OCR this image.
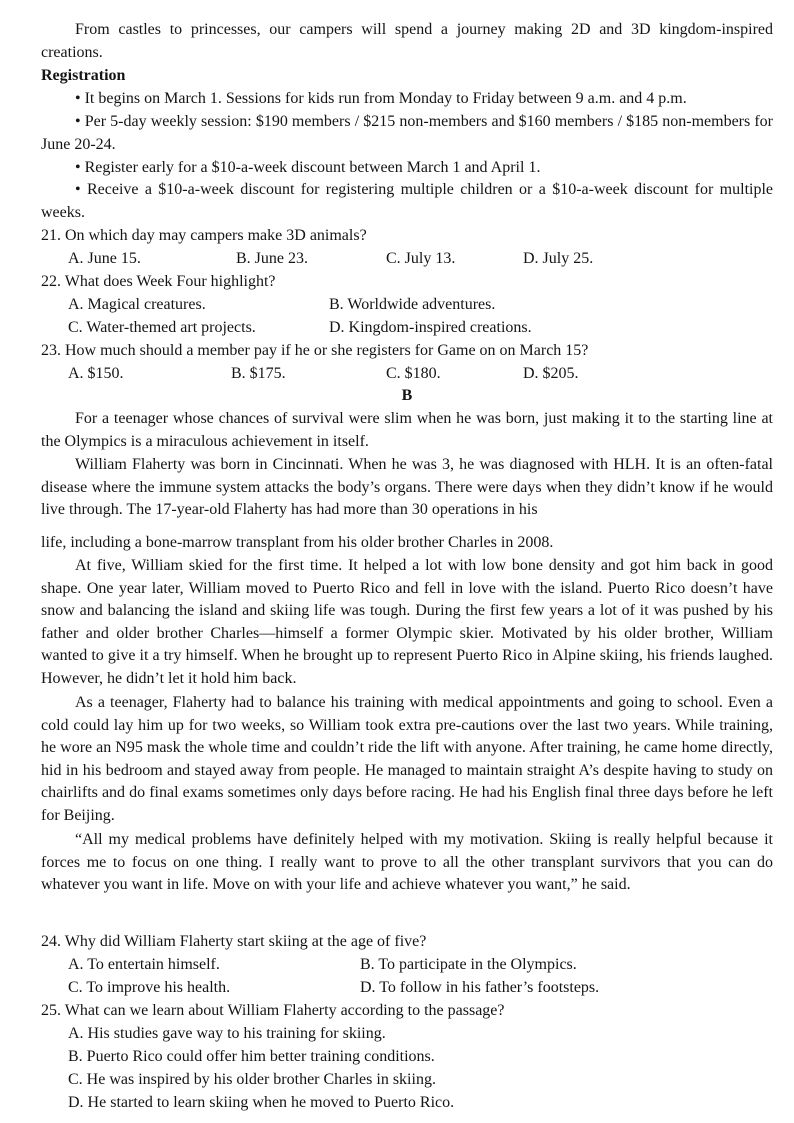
From castles to princesses, our campers will spend a journey making 2D and 3D kingdom-inspired creations.

Registration

• It begins on March 1. Sessions for kids run from Monday to Friday between 9 a.m. and 4 p.m.

• Per 5-day weekly session: $190 members / $215 non-members and $160 members / $185 non-members for June 20-24.

• Register early for a $10-a-week discount between March 1 and April 1.

• Receive a $10-a-week discount for registering multiple children or a $10-a-week discount for multiple weeks.

21. On which day may campers make 3D animals?

A. June 15.	B. June 23.	C. July 13.	D. July 25.

22. What does Week Four highlight?

A. Magical creatures.	B. Worldwide adventures.
C. Water-themed art projects.	D. Kingdom-inspired creations.

23. How much should a member pay if he or she registers for Game on on March 15?

A. $150.	B. $175.	C. $180.	D. $205.

B

For a teenager whose chances of survival were slim when he was born, just making it to the starting line at the Olympics is a miraculous achievement in itself.

William Flaherty was born in Cincinnati. When he was 3, he was diagnosed with HLH. It is an often-fatal disease where the immune system attacks the body’s organs. There were days when they didn’t know if he would live through. The 17-year-old Flaherty has had more than 30 operations in his

life, including a bone-marrow transplant from his older brother Charles in 2008.

At five, William skied for the first time. It helped a lot with low bone density and got him back in good shape. One year later, William moved to Puerto Rico and fell in love with the island. Puerto Rico doesn’t have snow and balancing the island and skiing life was tough. During the first few years a lot of it was pushed by his father and older brother Charles—himself a former Olympic skier. Motivated by his older brother, William wanted to give it a try himself. When he brought up to represent Puerto Rico in Alpine skiing, his friends laughed. However, he didn’t let it hold him back.

As a teenager, Flaherty had to balance his training with medical appointments and going to school. Even a cold could lay him up for two weeks, so William took extra pre-cautions over the last two years. While training, he wore an N95 mask the whole time and couldn’t ride the lift with anyone. After training, he came home directly, hid in his bedroom and stayed away from people. He managed to maintain straight A’s despite having to study on chairlifts and do final exams sometimes only days before racing. He had his English final three days before he left for Beijing.

“All my medical problems have definitely helped with my motivation. Skiing is really helpful because it forces me to focus on one thing. I really want to prove to all the other transplant survivors that you can do whatever you want in life. Move on with your life and achieve whatever you want,” he said.

24. Why did William Flaherty start skiing at the age of five?

A. To entertain himself.	B. To participate in the Olympics.
C. To improve his health.	D. To follow in his father’s footsteps.

25. What can we learn about William Flaherty according to the passage?

A. His studies gave way to his training for skiing.
B. Puerto Rico could offer him better training conditions.
C. He was inspired by his older brother Charles in skiing.
D. He started to learn skiing when he moved to Puerto Rico.
